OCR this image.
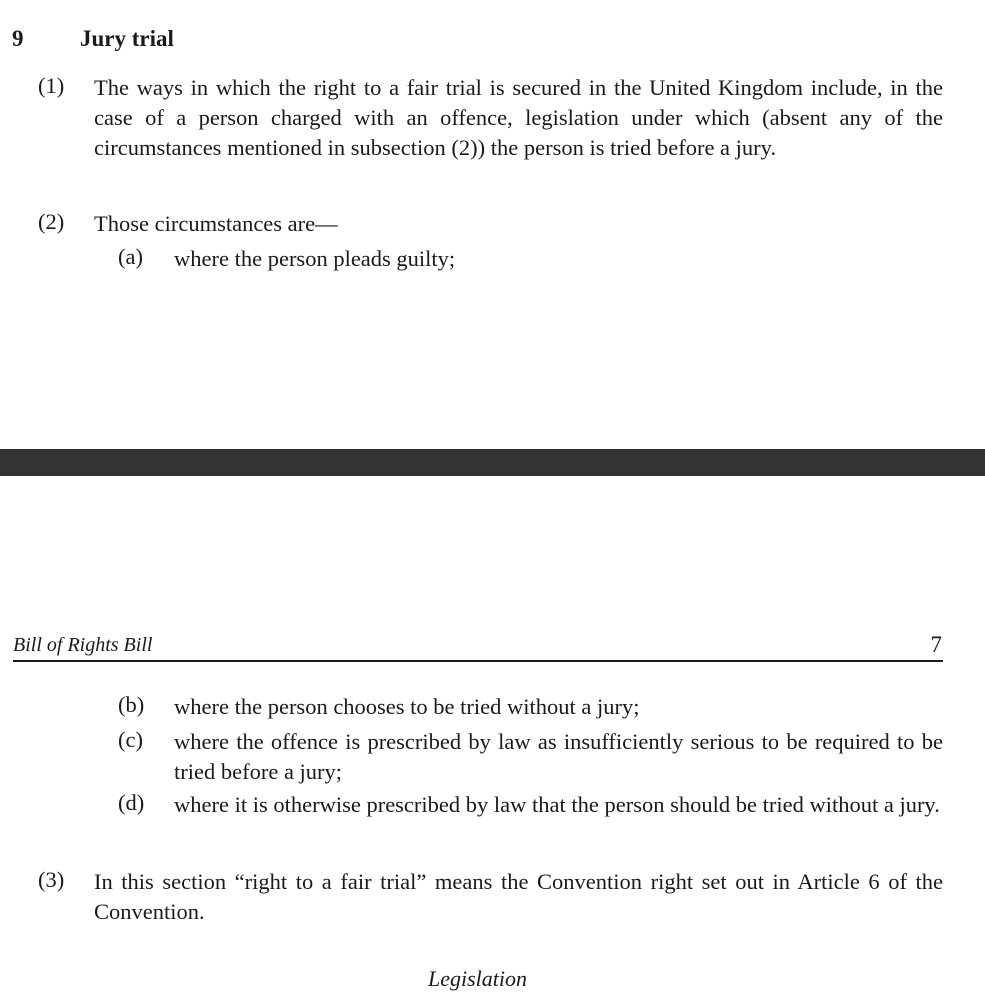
9 Jury trial
(1)	The ways in which the right to a fair trial is secured in the United Kingdom include, in the case of a person charged with an offence, legislation under which (absent any of the circumstances mentioned in subsection (2)) the person is tried before a jury.
(2)	Those circumstances are—
(a)	where the person pleads guilty;
Bill of Rights Bill	7
(b)	where the person chooses to be tried without a jury;
(c)	where the offence is prescribed by law as insufficiently serious to be required to be tried before a jury;
(d)	where it is otherwise prescribed by law that the person should be tried without a jury.
(3)	In this section “right to a fair trial” means the Convention right set out in Article 6 of the Convention.
Legislation
